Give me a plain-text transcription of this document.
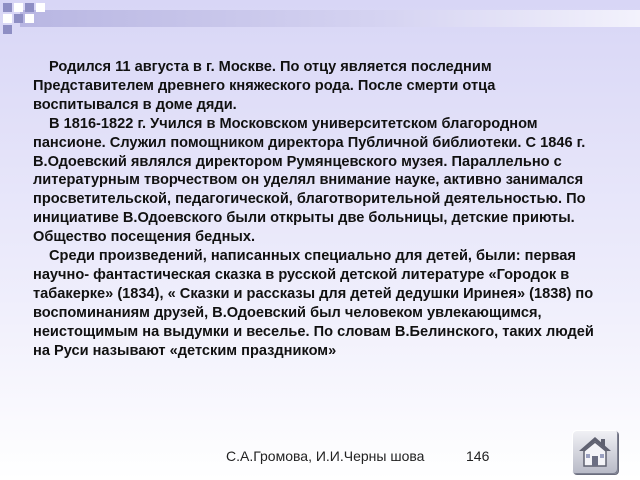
Родился 11 августа в г. Москве. По отцу является последним Представителем древнего княжеского рода. После смерти отца воспитывался в доме дяди.

В 1816-1822 г. Учился в Московском университетском благородном пансионе. Служил помощником директора Публичной библиотеки. С 1846 г. В.Одоевский являлся директором Румянцевского музея. Параллельно с литературным творчеством он уделял внимание науке, активно занимался просветительской, педагогической, благотворительной деятельностью. По инициативе В.Одоевского были открыты две больницы, детские приюты. Общество посещения бедных.

Среди произведений, написанных специально для детей, были: первая научно- фантастическая сказка в русской детской литературе «Городок в табакерке» (1834), « Сказки и рассказы для детей дедушки Иринея» (1838) по воспоминаниям друзей, В.Одоевский был человеком увлекающимся, неистощимым на выдумки и веселье. По словам В.Белинского, таких людей на Руси называют «детским праздником»

С.А.Громова, И.И.Черны шова	146
